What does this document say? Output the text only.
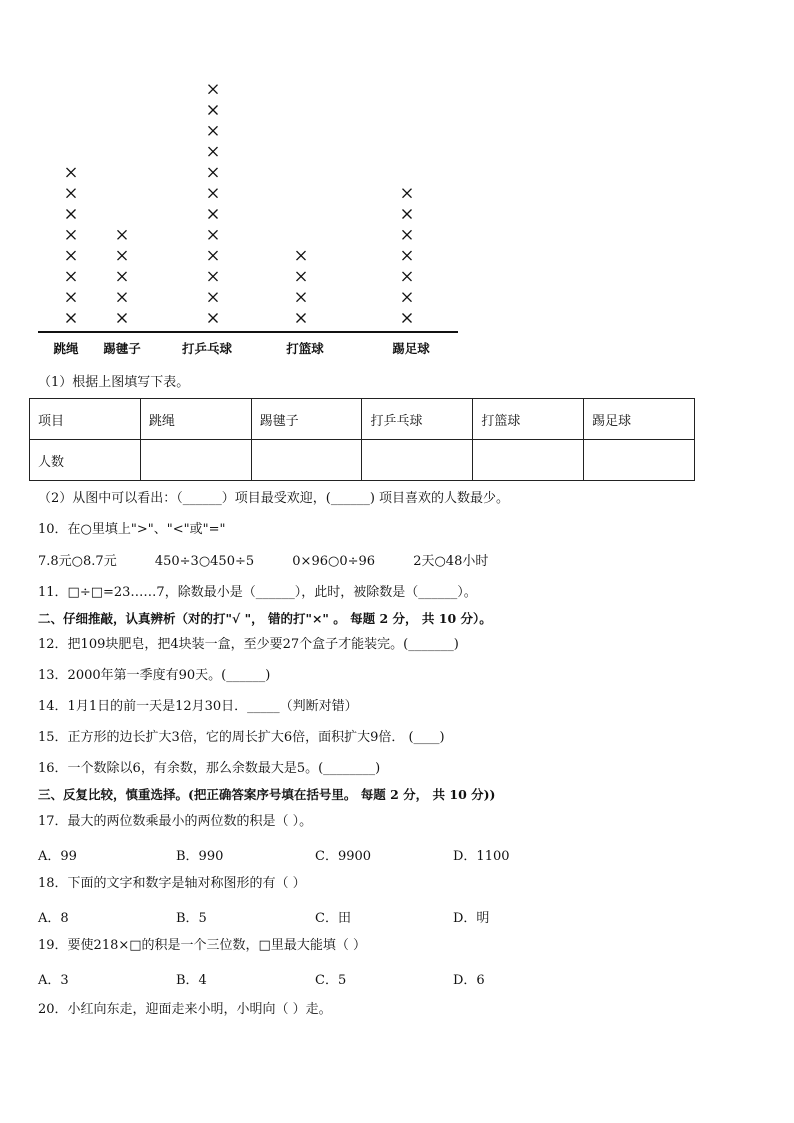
跳绳 踢毽子	打乒乓球	打篮球	踢足球
（1）根据上图填写下表。
项目	跳绳	踢毽子	打乒乓球	打篮球	踢足球
人数					
（2）从图中可以看出：（______）项目最受欢迎，(______) 项目喜欢的人数最少。
10．在○里填上">"、"<"或"="
7.8元○8.7元	450÷3○450÷5	0×96○0÷96	2天○48小时
11．□÷□=23……7，除数最小是（______），此时，被除数是（______）。
二、仔细推敲，认真辨析（对的打"√ "， 错的打"×" 。 每题 2 分， 共 10 分）。
12．把109块肥皂，把4块装一盒，至少要27个盒子才能装完。(_______)
13．2000年第一季度有90天。(______)
14．1月1日的前一天是12月30日．_____（判断对错）
15．正方形的边长扩大3倍，它的周长扩大6倍，面积扩大9倍． (____)
16．一个数除以6，有余数，那么余数最大是5。(________)
三、反复比较，慎重选择。(把正确答案序号填在括号里。 每题 2 分， 共 10 分))
17．最大的两位数乘最小的两位数的积是（ ）。
A．99	B．990	C．9900	D．1100
18．下面的文字和数字是轴对称图形的有（ ）
A．8	B．5	C．田	D．明
19．要使218×□的积是一个三位数，□里最大能填（ ）
A．3	B．4	C．5	D．6
20．小红向东走，迎面走来小明，小明向（ ）走。
